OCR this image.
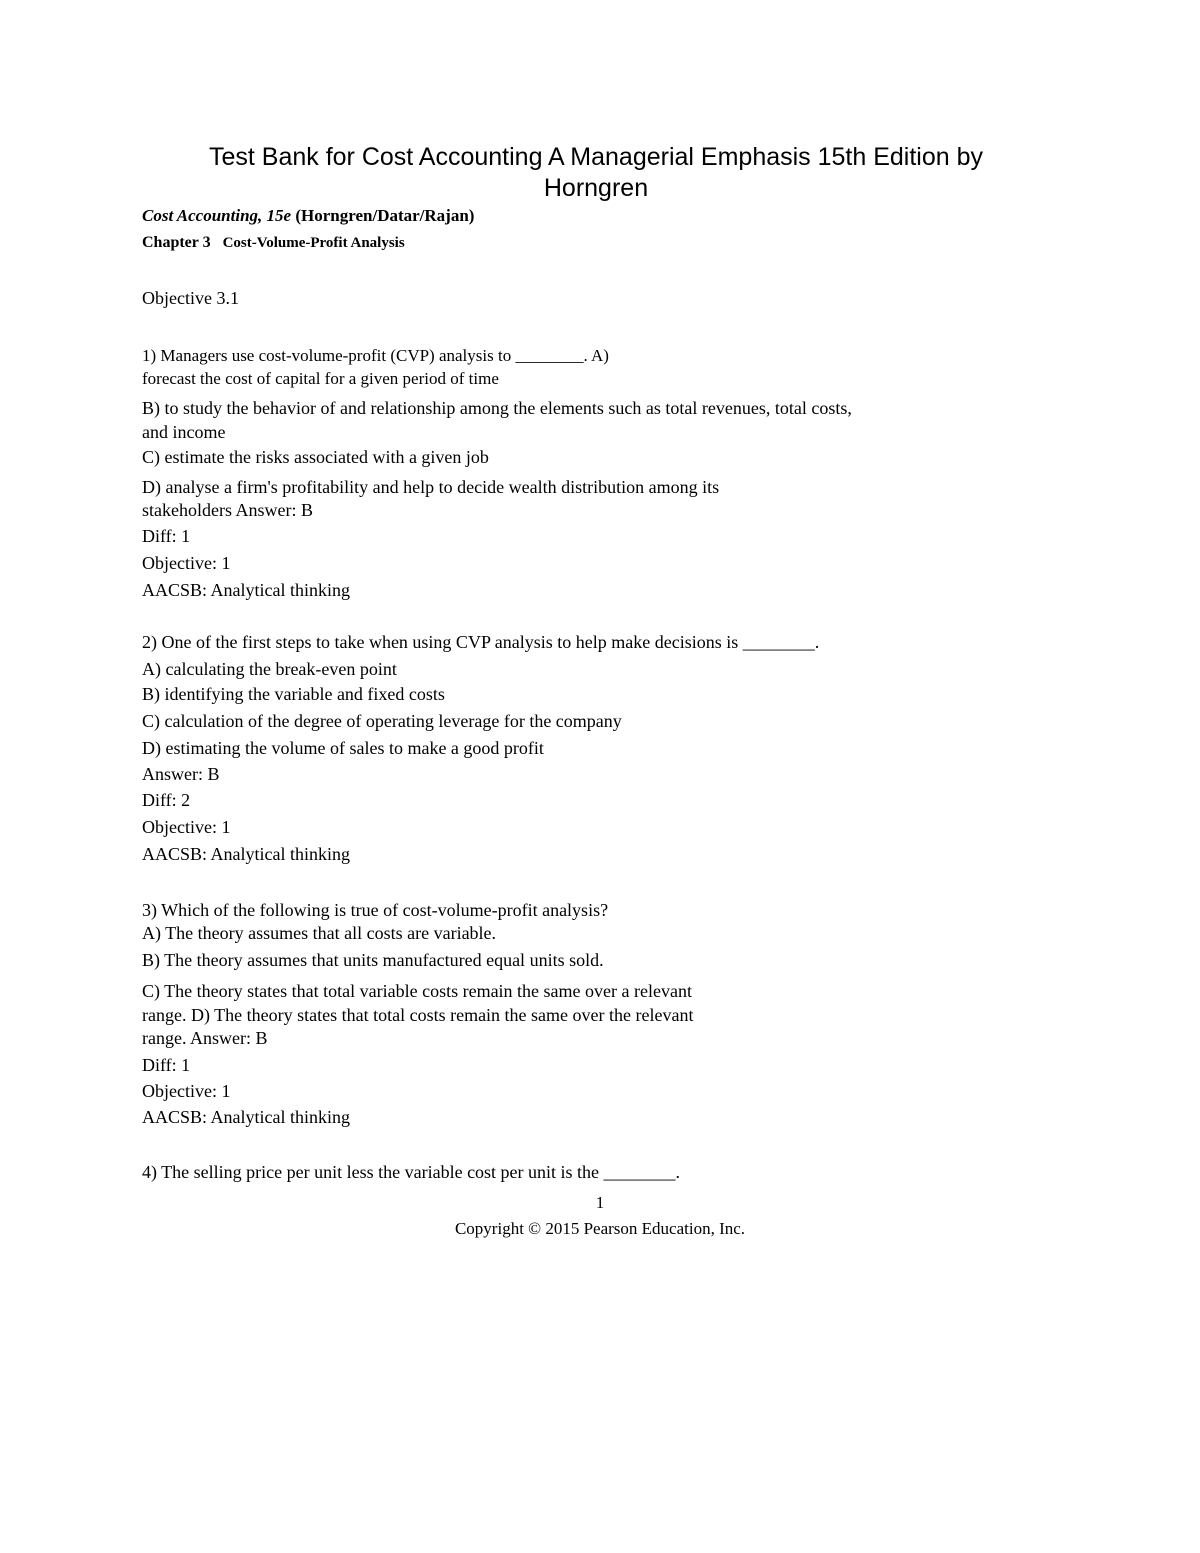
Test Bank for Cost Accounting A Managerial Emphasis 15th Edition by
Horngren
Cost Accounting, 15e (Horngren/Datar/Rajan)
Chapter 3 Cost-Volume-Profit Analysis
Objective 3.1
1) Managers use cost-volume-profit (CVP) analysis to ________. A)
forecast the cost of capital for a given period of time
B) to study the behavior of and relationship among the elements such as total revenues, total costs,
and income
C) estimate the risks associated with a given job
D) analyse a firm's profitability and help to decide wealth distribution among its
stakeholders Answer: B
Diff: 1
Objective: 1
AACSB: Analytical thinking
2) One of the first steps to take when using CVP analysis to help make decisions is ________.
A) calculating the break-even point
B) identifying the variable and fixed costs
C) calculation of the degree of operating leverage for the company
D) estimating the volume of sales to make a good profit
Answer: B
Diff: 2
Objective: 1
AACSB: Analytical thinking
3) Which of the following is true of cost-volume-profit analysis?
A) The theory assumes that all costs are variable.
B) The theory assumes that units manufactured equal units sold.
C) The theory states that total variable costs remain the same over a relevant
range. D) The theory states that total costs remain the same over the relevant
range. Answer: B
Diff: 1
Objective: 1
AACSB: Analytical thinking
4) The selling price per unit less the variable cost per unit is the ________.
1
Copyright © 2015 Pearson Education, Inc.
